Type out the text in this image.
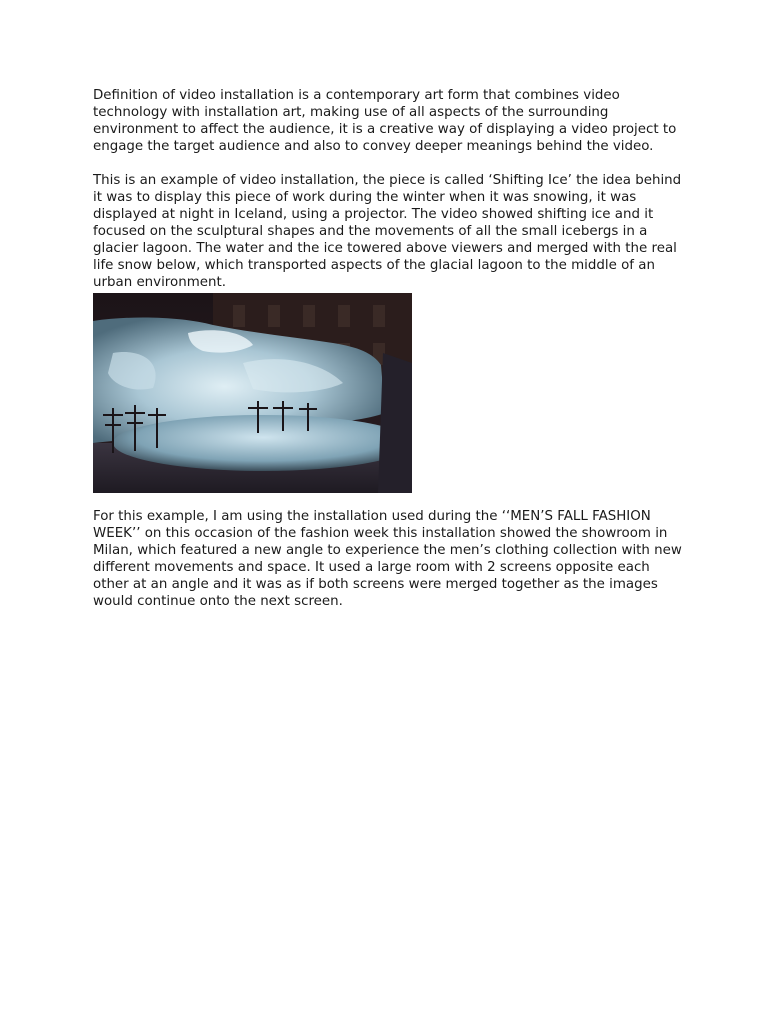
Definition of video installation is a contemporary art form that combines video technology with installation art, making use of all aspects of the surrounding environment to affect the audience, it is a creative way of displaying a video project to engage the target audience and also to convey deeper meanings behind the video.

This is an example of video installation, the piece is called ‘Shifting Ice’ the idea behind it was to display this piece of work during the winter when it was snowing, it was displayed at night in Iceland, using a projector. The video showed shifting ice and it focused on the sculptural shapes and the movements of all the small icebergs in a glacier lagoon. The water and the ice towered above viewers and merged with the real life snow below, which transported aspects of the glacial lagoon to the middle of an urban environment.

For this example, I am using the installation used during the ‘‘MEN’S FALL FASHION WEEK’’ on this occasion of the fashion week this installation showed the showroom in Milan, which featured a new angle to experience the men’s clothing collection with new different movements and space. It used a large room with 2 screens opposite each other at an angle and it was as if both screens were merged together as the images would continue onto the next screen.
